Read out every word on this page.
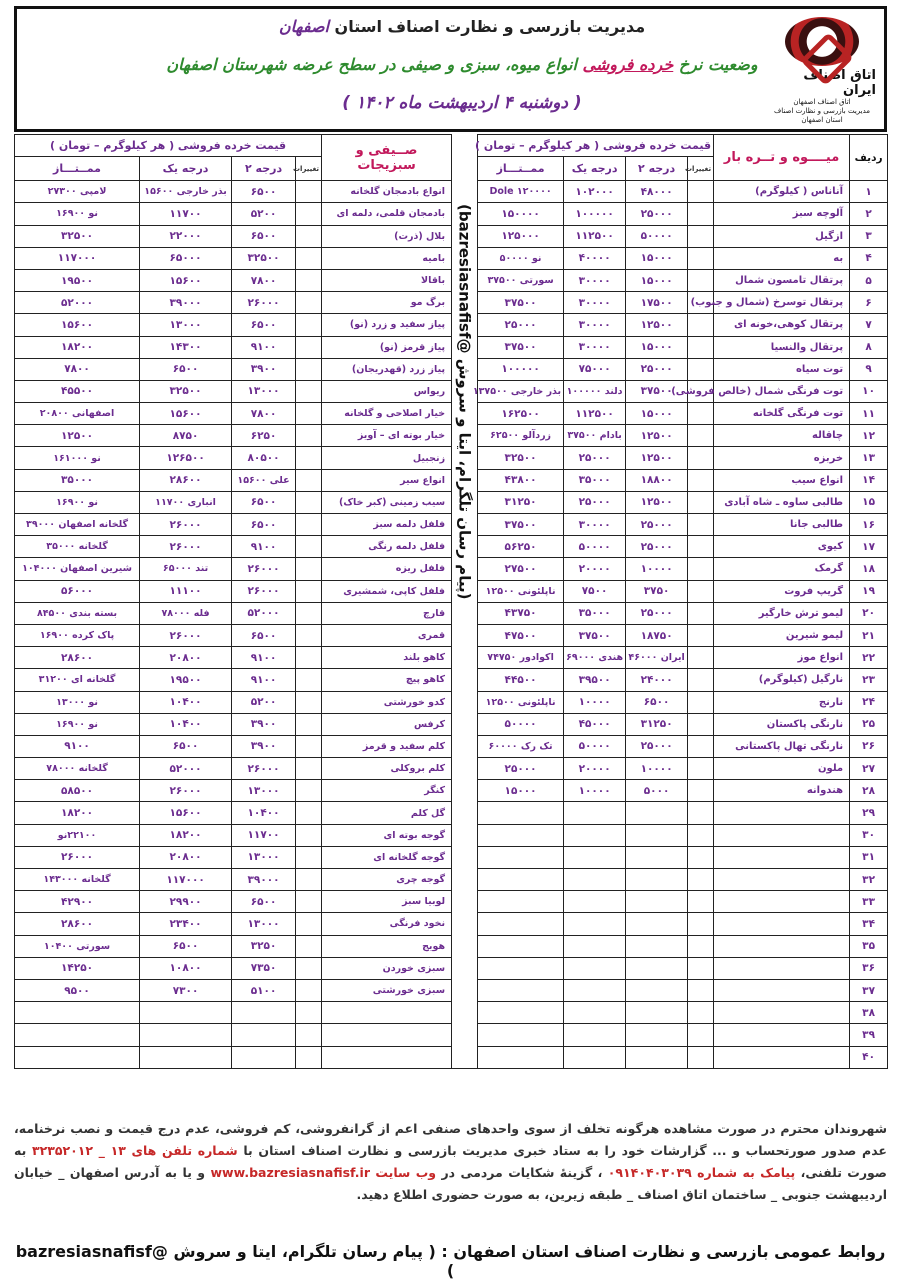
اتاق اصناف ایران
اتاق اصناف اصفهان
مدیریت بازرسی و نظارت اصناف
استان اصفهان
مدیریت بازرسی و نظارت اصناف استان اصفهان
وضعیت نرخ خرده فروشی انواع میوه، سبزی و صیفی در سطح عرضه شهرستان اصفهان
( دوشنبه ۴ اردیبهشت ماه ۱۴۰۲ )
ردیف	میــــوه و تــره بار	قیمت خرده فروشی ( هر کیلوگرم – تومان )					صــیفی و
سبزیجات	قیمت خرده فروشی ( هر کیلوگرم – تومان )			
		تغییرات	درجه ۲	درجه یک	ممــتـــاز			تغییرات	درجه ۲	درجه یک	ممــتـــاز
۱	آناناس ( کیلوگرم)		۴۸۰۰۰	۱۰۲۰۰۰	Dole ۱۲۰۰۰۰	(پیام رسان تلگرام، ایتا و سروش @bazresiasnafisf)	انواع بادمجان گلخانه		۶۵۰۰	بذر خارجی ۱۵۶۰۰	لامپی ۲۷۳۰۰
۲	آلوچه سبز		۲۵۰۰۰	۱۰۰۰۰۰	۱۵۰۰۰۰		بادمجان قلمی، دلمه ای		۵۲۰۰	۱۱۷۰۰	نو ۱۶۹۰۰
۳	ازگیل		۵۰۰۰۰	۱۱۲۵۰۰	۱۲۵۰۰۰		بلال (ذرت)		۶۵۰۰	۲۲۰۰۰	۳۲۵۰۰
۴	به		۱۵۰۰۰	۴۰۰۰۰	نو ۵۰۰۰۰		بامیه		۳۲۵۰۰	۶۵۰۰۰	۱۱۷۰۰۰
۵	پرتقال تامسون شمال		۱۵۰۰۰	۳۰۰۰۰	سورتی ۳۷۵۰۰		باقالا		۷۸۰۰	۱۵۶۰۰	۱۹۵۰۰
۶	پرتقال توسرخ (شمال و جنوب)		۱۷۵۰۰	۳۰۰۰۰	۳۷۵۰۰		برگ مو		۲۶۰۰۰	۳۹۰۰۰	۵۲۰۰۰
۷	پرتقال کوهی،خونه ای		۱۲۵۰۰	۳۰۰۰۰	۲۵۰۰۰		پیاز سفید و زرد (نو)		۶۵۰۰	۱۳۰۰۰	۱۵۶۰۰
۸	پرتقال والنسیا		۱۵۰۰۰	۳۰۰۰۰	۳۷۵۰۰		پیاز قرمز (نو)		۹۱۰۰	۱۴۳۰۰	۱۸۲۰۰
۹	توت سیاه		۲۵۰۰۰	۷۵۰۰۰	۱۰۰۰۰۰		پیاز زرد (قهدریجان)		۳۹۰۰	۶۵۰۰	۷۸۰۰
۱۰	توت فرنگی شمال (خالص فروشی)		۳۷۵۰۰	دلند ۱۰۰۰۰۰	بذر خارجی ۱۳۷۵۰۰		ریواس		۱۳۰۰۰	۳۲۵۰۰	۴۵۵۰۰
۱۱	توت فرنگی گلخانه		۱۵۰۰۰	۱۱۲۵۰۰	۱۶۲۵۰۰		خیار اصلاحی و گلخانه		۷۸۰۰	۱۵۶۰۰	اصفهانی ۲۰۸۰۰
۱۲	چاقاله		۱۲۵۰۰	بادام ۳۷۵۰۰	زردآلو ۶۲۵۰۰		خیار بوته ای – آویز		۶۲۵۰	۸۷۵۰	۱۲۵۰۰
۱۳	خربزه		۱۲۵۰۰	۲۵۰۰۰	۳۲۵۰۰		زنجبیل		۸۰۵۰۰	۱۲۶۵۰۰	نو ۱۶۱۰۰۰
۱۴	انواع سیب		۱۸۸۰۰	۳۵۰۰۰	۴۳۸۰۰		انواع سیر		علی ۱۵۶۰۰	۲۸۶۰۰	۳۵۰۰۰
۱۵	طالبی ساوه ـ شاه آبادی		۱۲۵۰۰	۲۵۰۰۰	۳۱۲۵۰		سیب زمینی (کبر خاک)		۶۵۰۰	انباری ۱۱۷۰۰	نو ۱۶۹۰۰
۱۶	طالبی جانا		۲۵۰۰۰	۳۰۰۰۰	۳۷۵۰۰		فلفل دلمه سبز		۶۵۰۰	۲۶۰۰۰	گلخانه اصفهان ۳۹۰۰۰
۱۷	کیوی		۲۵۰۰۰	۵۰۰۰۰	۵۶۲۵۰		فلفل دلمه رنگی		۹۱۰۰	۲۶۰۰۰	گلخانه ۳۵۰۰۰
۱۸	گرمک		۱۰۰۰۰	۲۰۰۰۰	۲۷۵۰۰		فلفل ریزه		۲۶۰۰۰	تند ۶۵۰۰۰	شیرین اصفهان ۱۰۴۰۰۰
۱۹	گریپ فروت		۳۷۵۰	۷۵۰۰	ناپلئونی ۱۲۵۰۰		فلفل کاپی، شمشیری		۲۶۰۰۰	۱۱۱۰۰	۵۶۰۰۰
۲۰	لیمو ترش خارگیر		۲۵۰۰۰	۳۵۰۰۰	۴۳۷۵۰		قارچ		۵۲۰۰۰	فله ۷۸۰۰۰	بسته بندی ۸۴۵۰۰
۲۱	لیمو شیرین		۱۸۷۵۰	۳۷۵۰۰	۴۷۵۰۰		قمری		۶۵۰۰	۲۶۰۰۰	پاک کرده ۱۶۹۰۰
۲۲	انواع موز		ایران ۴۶۰۰۰	هندی ۶۹۰۰۰	اکوادور ۷۴۷۵۰		کاهو بلند		۹۱۰۰	۲۰۸۰۰	۲۸۶۰۰
۲۳	نارگیل (کیلوگرم)		۲۴۰۰۰	۳۹۵۰۰	۴۴۵۰۰		کاهو پیچ		۹۱۰۰	۱۹۵۰۰	گلخانه ای ۳۱۲۰۰
۲۴	نارنج		۶۵۰۰	۱۰۰۰۰	ناپلئونی ۱۲۵۰۰		کدو خورشتی		۵۲۰۰	۱۰۴۰۰	نو ۱۳۰۰۰
۲۵	نارنگی پاکستان		۳۱۲۵۰	۴۵۰۰۰	۵۰۰۰۰		کرفس		۳۹۰۰	۱۰۴۰۰	نو ۱۶۹۰۰
۲۶	نارنگی تهال پاکستانی		۲۵۰۰۰	۵۰۰۰۰	تک رک ۶۰۰۰۰		کلم سفید و قرمز		۳۹۰۰	۶۵۰۰	۹۱۰۰
۲۷	ملون		۱۰۰۰۰	۲۰۰۰۰	۲۵۰۰۰		کلم بروکلی		۲۶۰۰۰	۵۲۰۰۰	گلخانه ۷۸۰۰۰
۲۸	هندوانه		۵۰۰۰	۱۰۰۰۰	۱۵۰۰۰		کنگر		۱۳۰۰۰	۲۶۰۰۰	۵۸۵۰۰
۲۹							گل کلم		۱۰۴۰۰	۱۵۶۰۰	۱۸۲۰۰
۳۰							گوجه بوته ای		۱۱۷۰۰	۱۸۲۰۰	۲۲۱۰۰نو
۳۱							گوجه گلخانه ای		۱۳۰۰۰	۲۰۸۰۰	۲۶۰۰۰
۳۲							گوجه چری		۳۹۰۰۰	۱۱۷۰۰۰	گلخانه ۱۴۳۰۰۰
۳۳							لوبیا سبز		۶۵۰۰	۲۹۹۰۰	۴۲۹۰۰
۳۴							نخود فرنگی		۱۳۰۰۰	۲۳۴۰۰	۲۸۶۰۰
۳۵							هویج		۳۲۵۰	۶۵۰۰	سورتی ۱۰۴۰۰
۳۶							سبزی خوردن		۷۳۵۰	۱۰۸۰۰	۱۴۲۵۰
۳۷							سبزی خورشتی		۵۱۰۰	۷۳۰۰	۹۵۰۰
۳۸											
۳۹											
۴۰											

شهروندان محترم در صورت مشاهده هرگونه تخلف از سوی واحدهای صنفی اعم از گرانفروشی، کم فروشی، عدم درج قیمت و نصب نرخنامه، عدم صدور صورتحساب و ... گزارشات خود را به ستاد خبری مدیریت بازرسی و نظارت اصناف استان با شماره تلفن های ۱۳ _ ۳۲۳۵۲۰۱۲ به صورت تلفنی، پیامک به شماره ۰۹۱۴۰۴۰۳۰۳۹ ، گزینهٔ شکایات مردمی در وب سایت www.bazresiasnafisf.ir و یا به آدرس اصفهان _ خیابان اردیبهشت جنوبی _ ساختمان اتاق اصناف _ طبقه زیرین، به صورت حضوری اطلاع دهید.

روابط عمومی بازرسی و نظارت اصناف استان اصفهان : ( پیام رسان تلگرام، ایتا و سروش @bazresiasnafisf )
